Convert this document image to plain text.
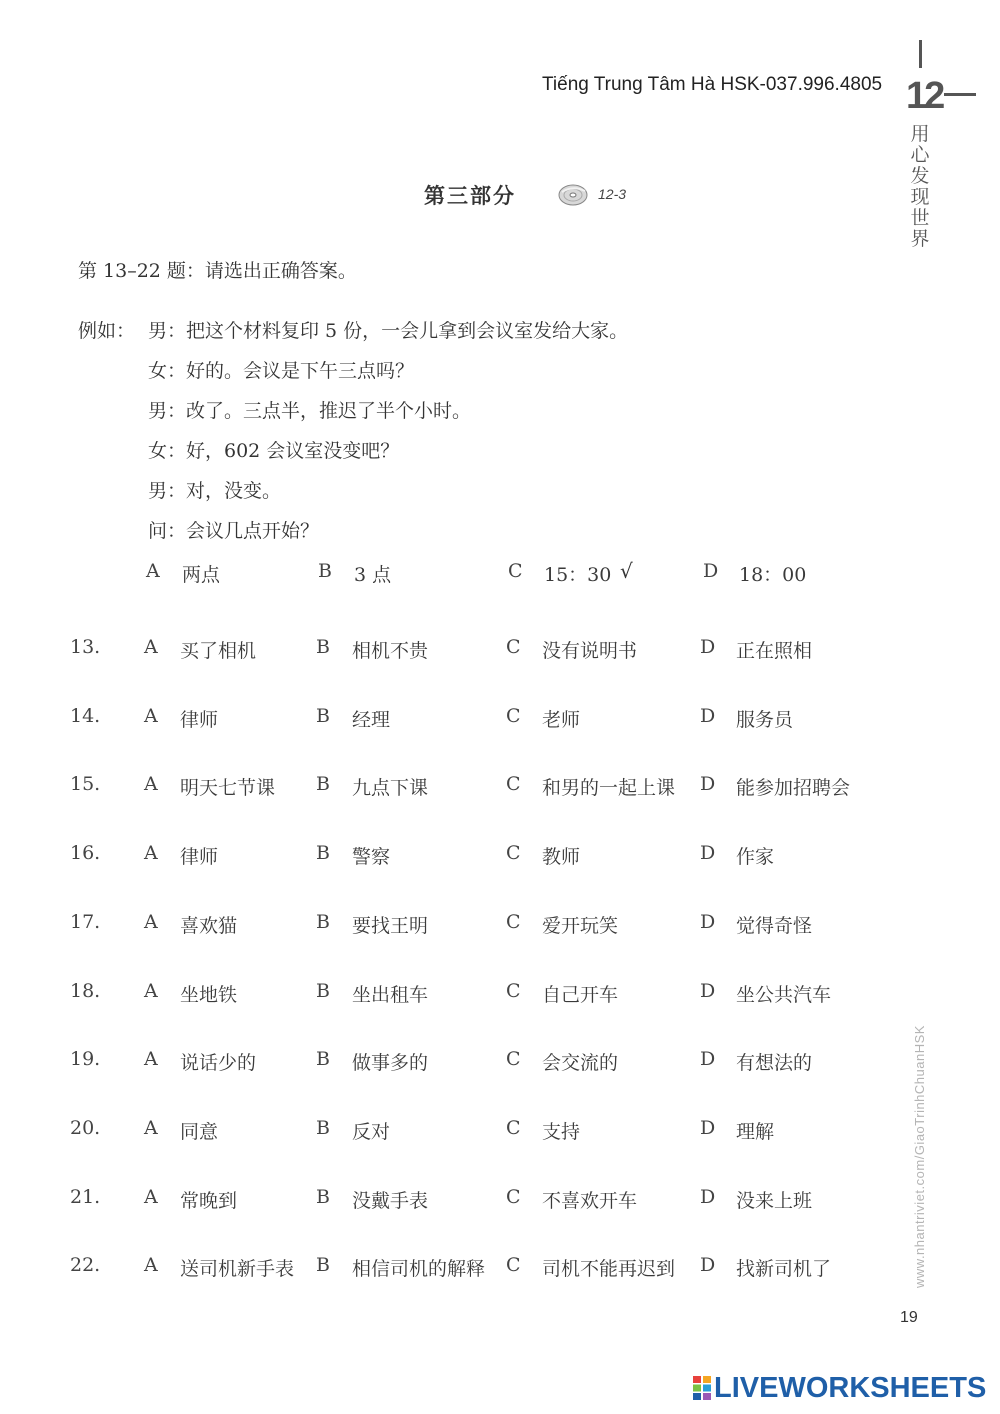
Tiếng Trung Tâm Hà HSK-037.996.4805 12
用
心
发
现
世
界
第三部分	12-3
第 13–22 题：请选出正确答案。
例如： 男：把这个材料复印 5 份，一会儿拿到会议室发给大家。
女：好的。会议是下午三点吗？
男：改了。三点半，推迟了半个小时。
女：好，602 会议室没变吧？
男：对，没变。
问：会议几点开始？
A 两点	B 3 点	C 15：30 √	D 18：00
13. A 买了相机	B 相机不贵	C 没有说明书	D 正在照相
14. A 律师	B 经理	C 老师	D 服务员
15. A 明天七节课 B 九点下课	C 和男的一起上课 D 能参加招聘会
16. A 律师	B 警察	C 教师	D 作家
17. A 喜欢猫	B 要找王明	C 爱开玩笑	D 觉得奇怪
18. A 坐地铁	B 坐出租车	C 自己开车	D 坐公共汽车
19. A 说话少的	B 做事多的	C 会交流的	D 有想法的
20. A 同意	B 反对	C 支持	D 理解
21. A 常晚到	B 没戴手表	C 不喜欢开车	D 没来上班
22. A 送司机新手表 B 相信司机的解释 C 司机不能再迟到 D 找新司机了	www.nhantriviet.com/GiaoTrinhChuanHSK
19
LIVEWORKSHEETS
